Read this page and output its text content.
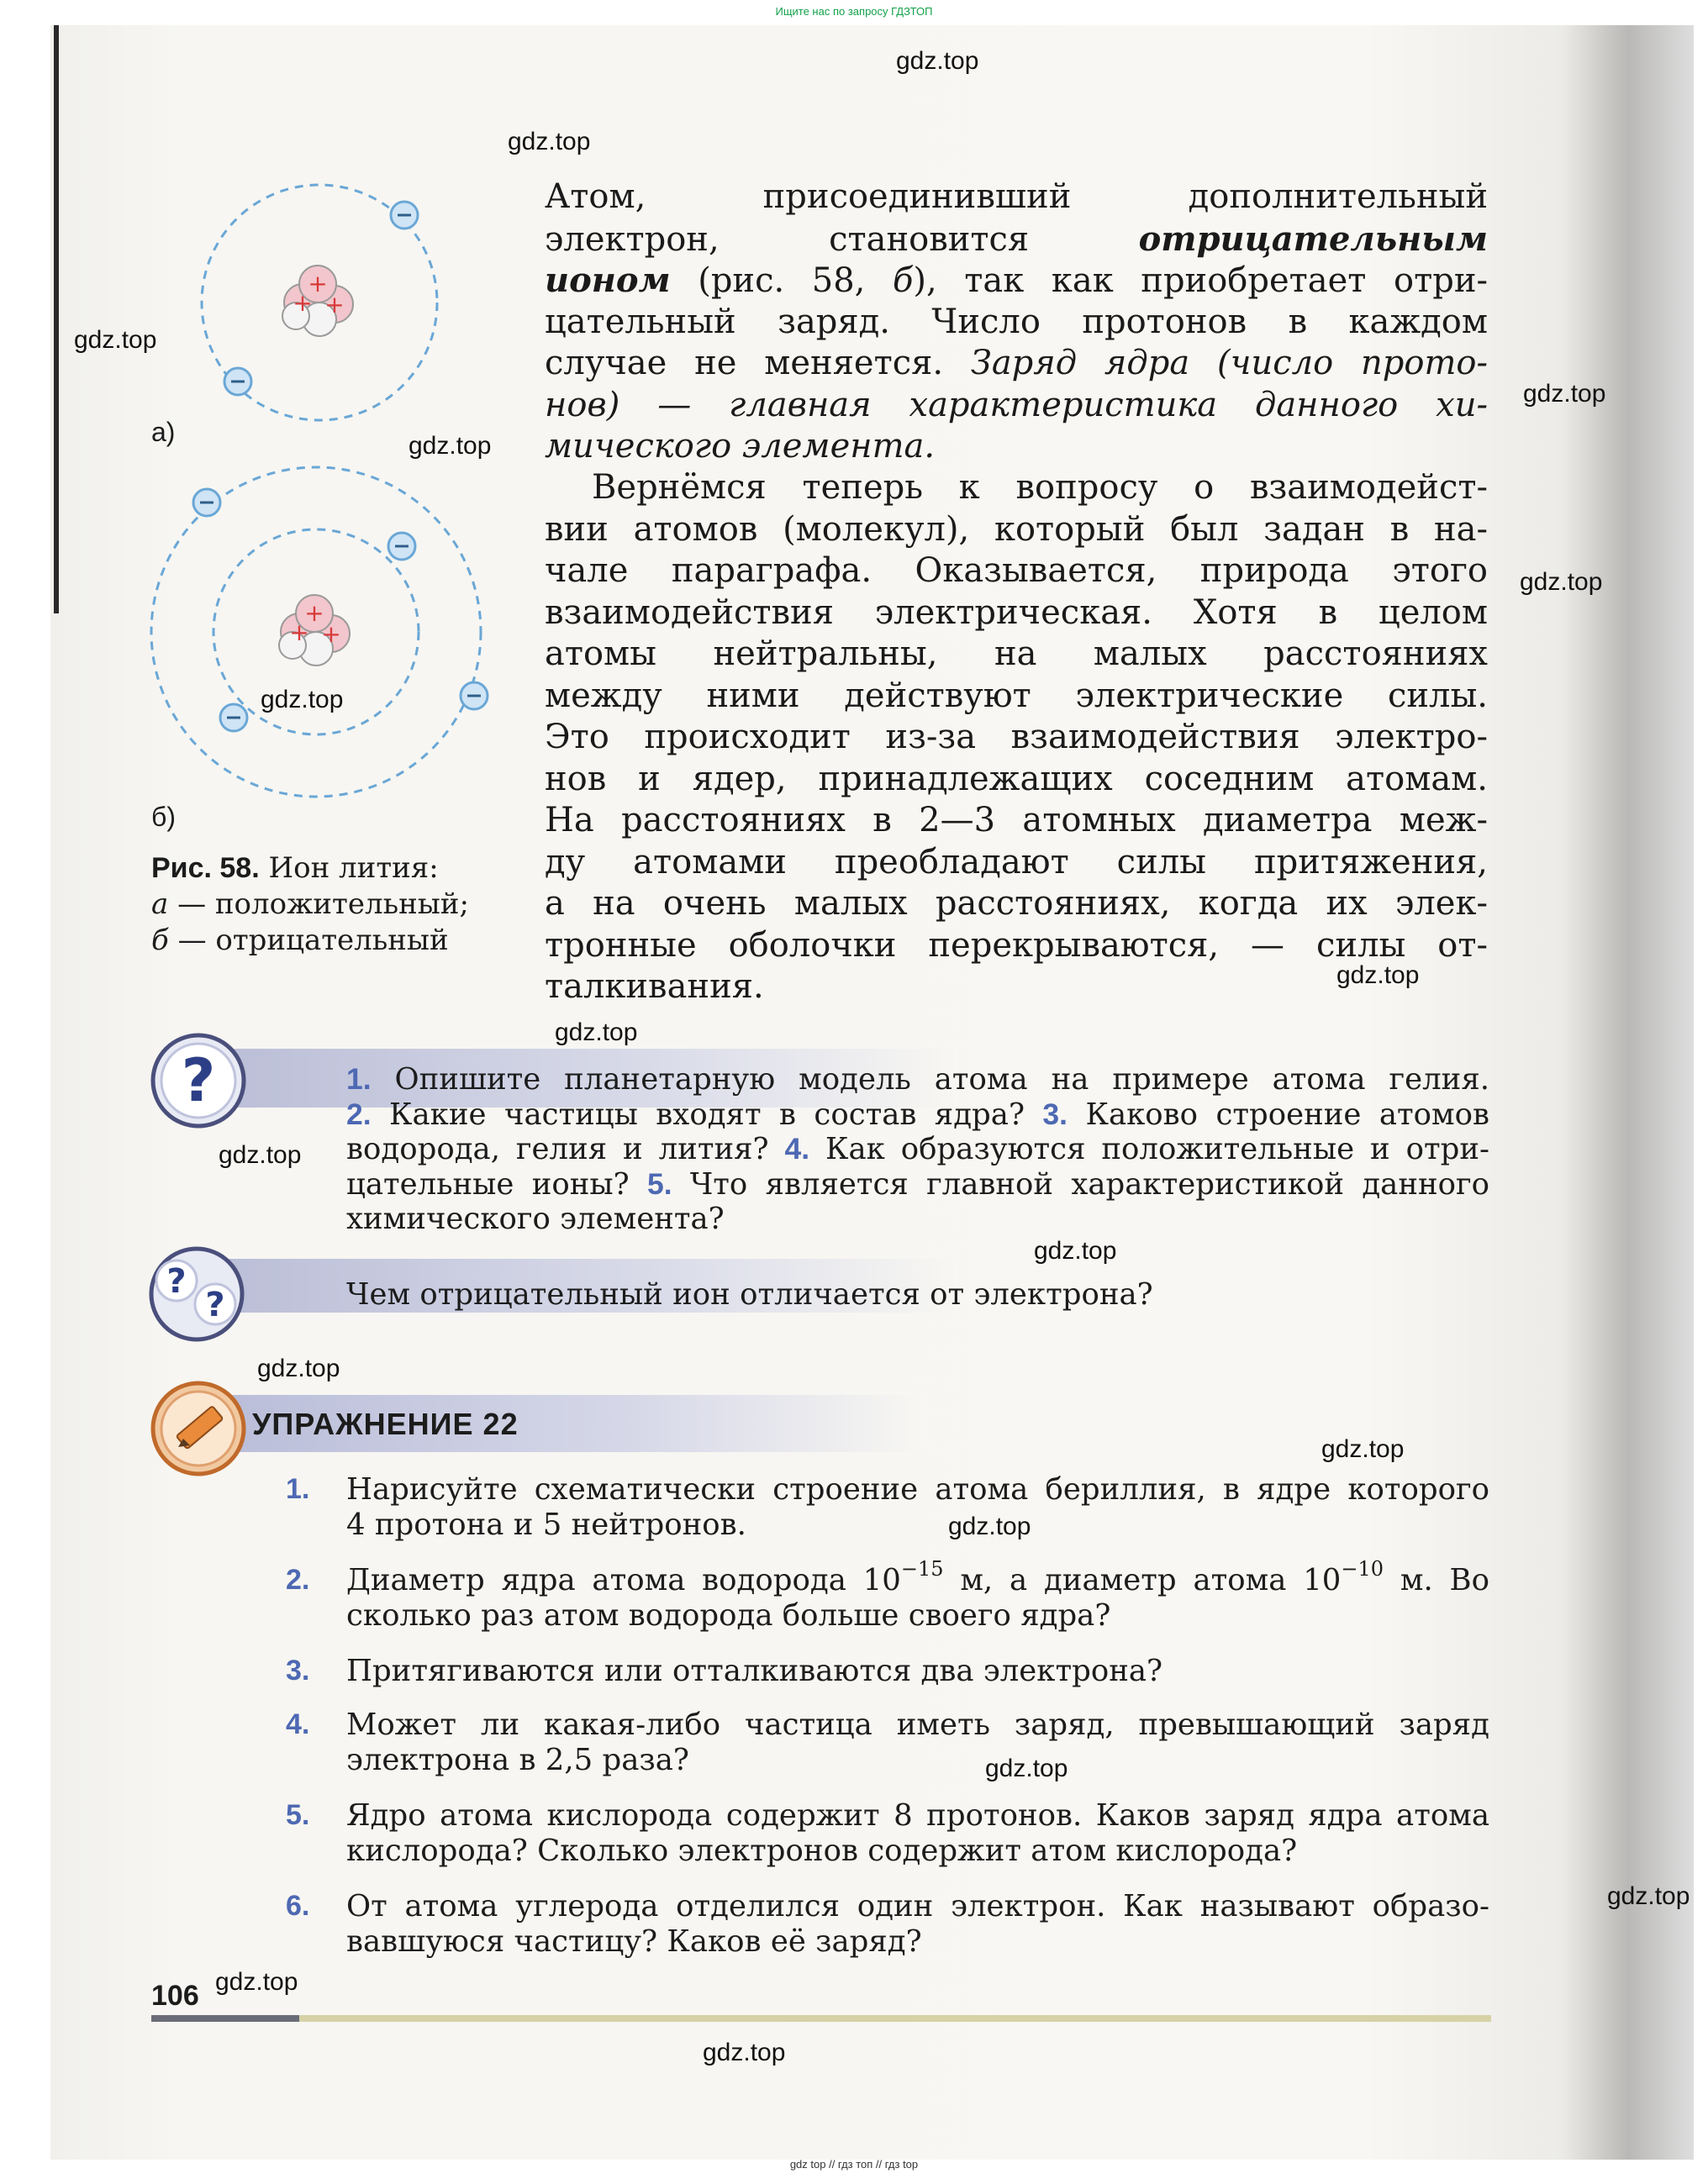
Ищите нас по запросу ГДЗТОП
gdz.top
gdz.top
gdz.top
gdz.top
gdz.top
gdz.top
gdz.top
gdz.top
gdz.top
gdz.top
gdz.top
gdz.top
gdz.top
gdz.top
gdz.top
gdz.top
gdz.top
gdz.top
+
+ +
а)
+
+ +
б)
Рис. 58. Ион лития:
а — положительный;
б — отрицательный
Атом, присоединивший дополнительный
электрон, становится отрицательным
ионом (рис. 58, б), так как приобретает отри-
цательный заряд. Число протонов в каждом
случае не меняется. Заряд ядра (число прото-
нов) — главная характеристика данного хи-
мического элемента.
Вернёмся теперь к вопросу о взаимодейст-
вии атомов (молекул), который был задан в на-
чале параграфа. Оказывается, природа этого
взаимодействия электрическая. Хотя в целом
атомы нейтральны, на малых расстояниях
между ними действуют электрические силы.
Это происходит из-за взаимодействия электро-
нов и ядер, принадлежащих соседним атомам.
На расстояниях в 2—3 атомных диаметра меж-
ду атомами преобладают силы притяжения,
а на очень малых расстояниях, когда их элек-
тронные оболочки перекрываются, — силы от-
талкивания.
?	1. Опишите планетарную модель атома на примере атома гелия.
2. Какие частицы входят в состав ядра? 3. Каково строение атомов
водорода, гелия и лития? 4. Как образуются положительные и отри-
цательные ионы? 5. Что является главной характеристикой данного
химического элемента?
?
?	Чем отрицательный ион отличается от электрона?
УПРАЖНЕНИЕ 22
1. Нарисуйте схематически строение атома бериллия, в ядре которого
4 протона и 5 нейтронов.
2. Диаметр ядра атома водорода $10^{-15}$ м, а диаметр атома $10^{-10}$ м. Во
сколько раз атом водорода больше своего ядра?
3. Притягиваются или отталкиваются два электрона?
4. Может ли какая-либо частица иметь заряд, превышающий заряд
электрона в 2,5 раза?
5. Ядро атома кислорода содержит 8 протонов. Каков заряд ядра атома
кислорода? Сколько электронов содержит атом кислорода?
6. От атома углерода отделился один электрон. Как называют образо-
вавшуюся частицу? Каков её заряд?
106
gdz top // гдз топ // гдз top
